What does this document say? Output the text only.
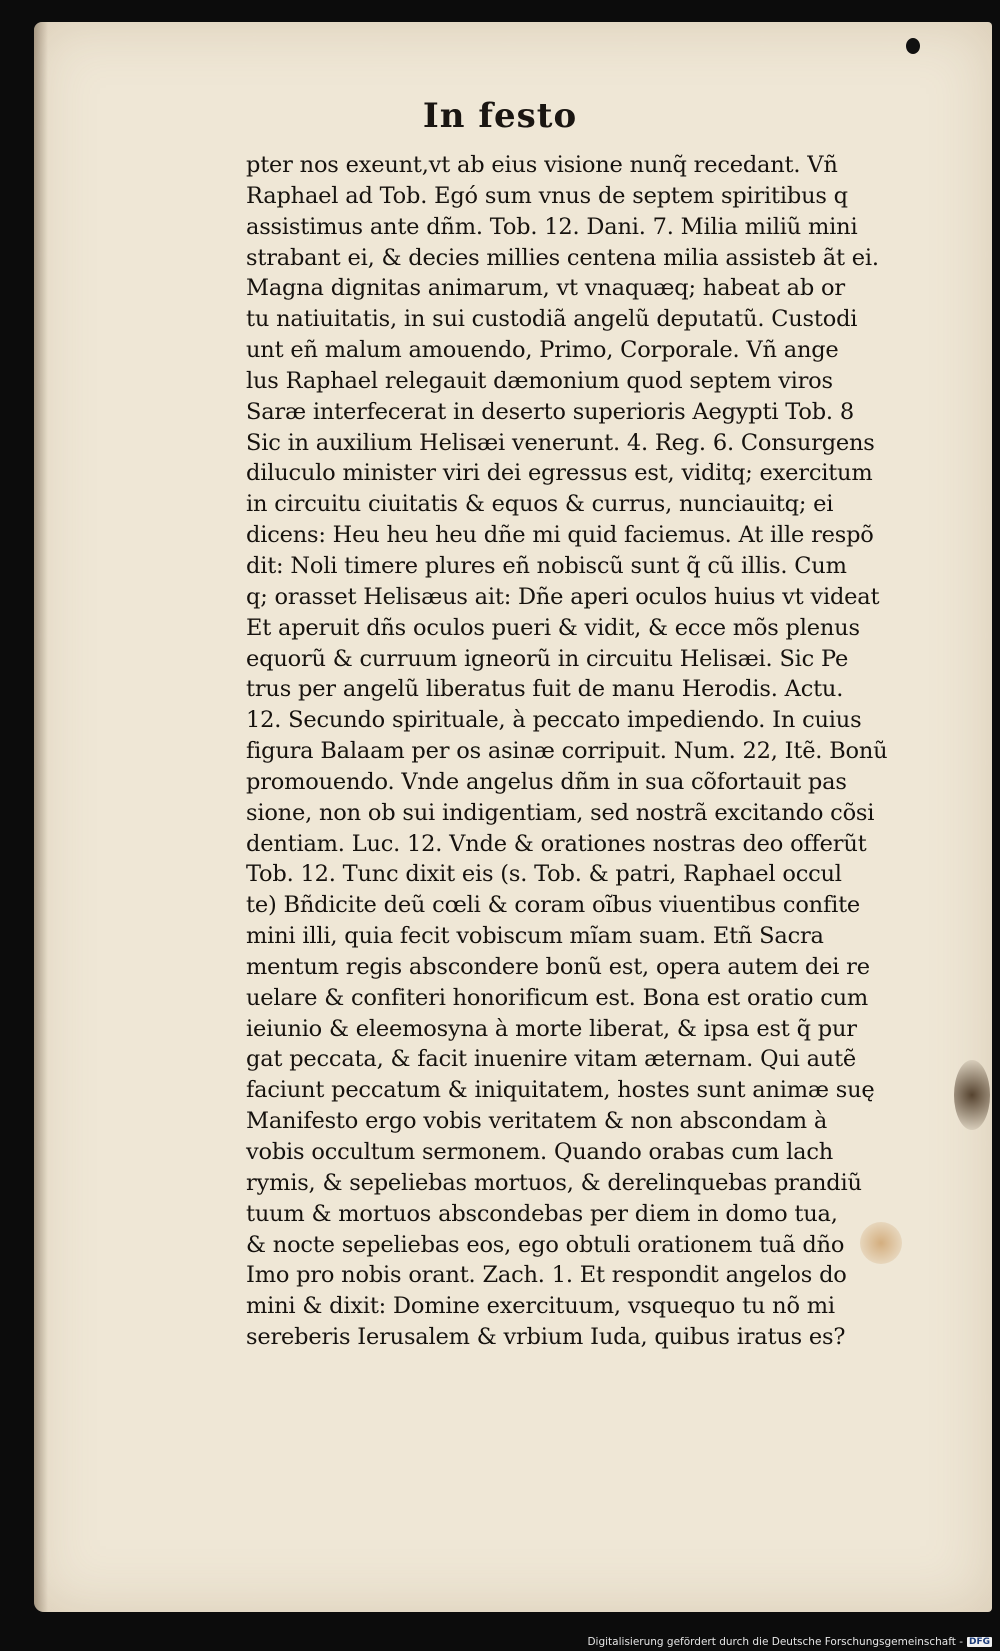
In festo
pter nos exeunt,vt ab eius visione nunq̃ recedant. Vñ
Raphael ad Tob. Egó sum vnus de septem spiritibus q
assistimus ante dñm. Tob. 12. Dani. 7. Milia miliũ mini
strabant ei, & decies millies centena milia assisteb ãt ei.
Magna dignitas animarum, vt vnaquæq; habeat ab or
tu natiuitatis, in sui custodiã angelũ deputatũ. Custodi
unt eñ malum amouendo, Primo, Corporale. Vñ ange
lus Raphael relegauit dæmonium quod septem viros
Saræ interfecerat in deserto superioris Aegypti Tob. 8
Sic in auxilium Helisæi venerunt. 4. Reg. 6. Consurgens
diluculo minister viri dei egressus est, viditq; exercitum
in circuitu ciuitatis & equos & currus, nunciauitq; ei
dicens: Heu heu heu dñe mi quid faciemus. At ille respõ
dit: Noli timere plures eñ nobiscũ sunt q̃ cũ illis. Cum
q; orasset Helisæus ait: Dñe aperi oculos huius vt videat
Et aperuit dñs oculos pueri & vidit, & ecce mõs plenus
equorũ & curruum igneorũ in circuitu Helisæi. Sic Pe
trus per angelũ liberatus fuit de manu Herodis. Actu.
12. Secundo spirituale, à peccato impediendo. In cuius
figura Balaam per os asinæ corripuit. Num. 22, Itẽ. Bonũ
promouendo. Vnde angelus dñm in sua cõfortauit pas
sione, non ob sui indigentiam, sed nostrã excitando cõsi
dentiam. Luc. 12. Vnde & orationes nostras deo offerũt
Tob. 12. Tunc dixit eis (s. Tob. & patri, Raphael occul
te) Bñdicite deũ cœli & coram oĩbus viuentibus confite
mini illi, quia fecit vobiscum mĩam suam. Etñ Sacra
mentum regis abscondere bonũ est, opera autem dei re
uelare & confiteri honorificum est. Bona est oratio cum
ieiunio & eleemosyna à morte liberat, & ipsa est q̃ pur
gat peccata, & facit inuenire vitam æternam. Qui autẽ
faciunt peccatum & iniquitatem, hostes sunt animæ suę
Manifesto ergo vobis veritatem & non abscondam à
vobis occultum sermonem. Quando orabas cum lach
rymis, & sepeliebas mortuos, & derelinquebas prandiũ
tuum & mortuos abscondebas per diem in domo tua,
& nocte sepeliebas eos, ego obtuli orationem tuã dño
Imo pro nobis orant. Zach. 1. Et respondit angelos do
mini & dixit: Domine exercituum, vsquequo tu nõ mi
sereberis Ierusalem & vrbium Iuda, quibus iratus es?
Digitalisierung gefördert durch die Deutsche Forschungsgemeinschaft - DFG
